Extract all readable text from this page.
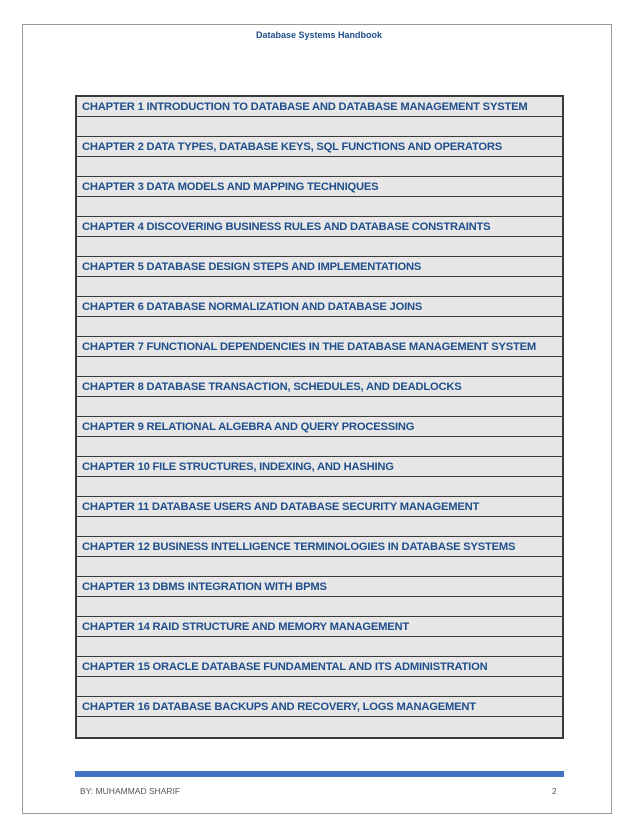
Database Systems Handbook
CHAPTER 1 INTRODUCTION TO DATABASE AND DATABASE MANAGEMENT SYSTEM
CHAPTER 2 DATA TYPES, DATABASE KEYS, SQL FUNCTIONS AND OPERATORS
CHAPTER 3 DATA MODELS AND MAPPING TECHNIQUES
CHAPTER 4 DISCOVERING BUSINESS RULES AND DATABASE CONSTRAINTS
CHAPTER 5 DATABASE DESIGN STEPS AND IMPLEMENTATIONS
CHAPTER 6 DATABASE NORMALIZATION AND DATABASE JOINS
CHAPTER 7 FUNCTIONAL DEPENDENCIES IN THE DATABASE MANAGEMENT SYSTEM
CHAPTER 8 DATABASE TRANSACTION, SCHEDULES, AND DEADLOCKS
CHAPTER 9 RELATIONAL ALGEBRA AND QUERY PROCESSING
CHAPTER 10 FILE STRUCTURES, INDEXING, AND HASHING
CHAPTER 11 DATABASE USERS AND DATABASE SECURITY MANAGEMENT
CHAPTER 12 BUSINESS INTELLIGENCE TERMINOLOGIES IN DATABASE SYSTEMS
CHAPTER 13 DBMS INTEGRATION WITH BPMS
CHAPTER 14 RAID STRUCTURE AND MEMORY MANAGEMENT
CHAPTER 15 ORACLE DATABASE FUNDAMENTAL AND ITS ADMINISTRATION
CHAPTER 16 DATABASE BACKUPS AND RECOVERY, LOGS MANAGEMENT
BY: MUHAMMAD SHARIF	2
